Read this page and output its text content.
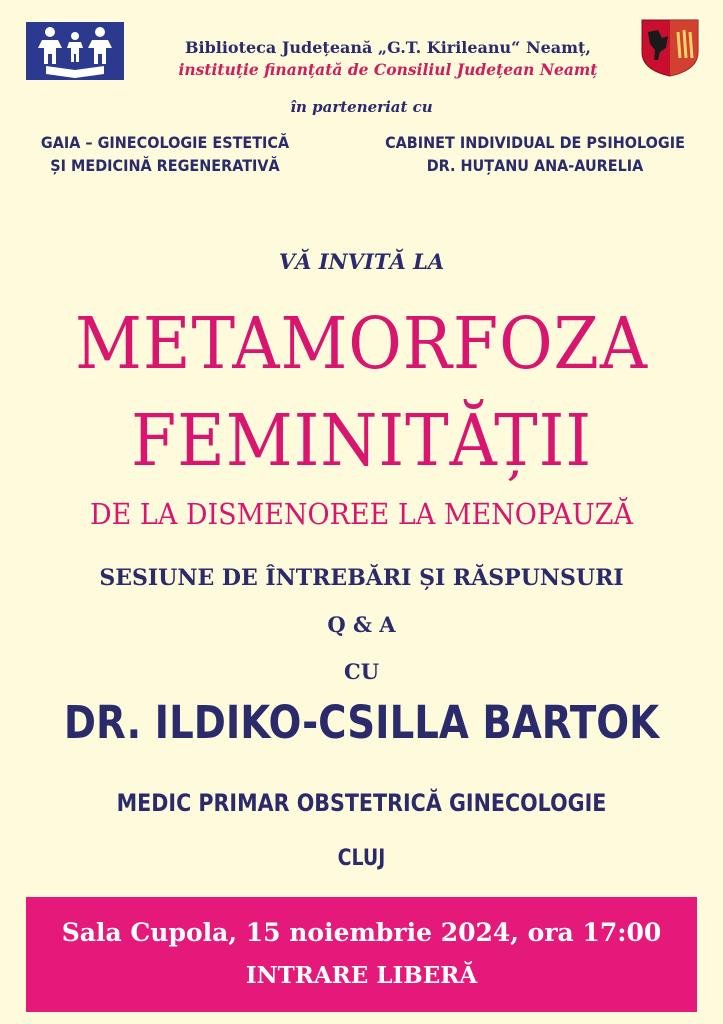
Biblioteca Județeană „G.T. Kirileanu“ Neamț,
instituție finanțată de Consiliul Județean Neamț
în parteneriat cu
GAIA – GINECOLOGIE ESTETICĂ
ȘI MEDICINĂ REGENERATIVĂ
CABINET INDIVIDUAL DE PSIHOLOGIE
DR. HUȚANU ANA-AURELIA
VĂ INVITĂ LA
METAMORFOZA
FEMINITĂȚII
DE LA DISMENOREE LA MENOPAUZĂ
SESIUNE DE ÎNTREBĂRI ȘI RĂSPUNSURI
Q & A
CU
DR. ILDIKO-CSILLA BARTOK
MEDIC PRIMAR OBSTETRICĂ GINECOLOGIE
CLUJ
Sala Cupola, 15 noiembrie 2024, ora 17:00
INTRARE LIBERĂ
